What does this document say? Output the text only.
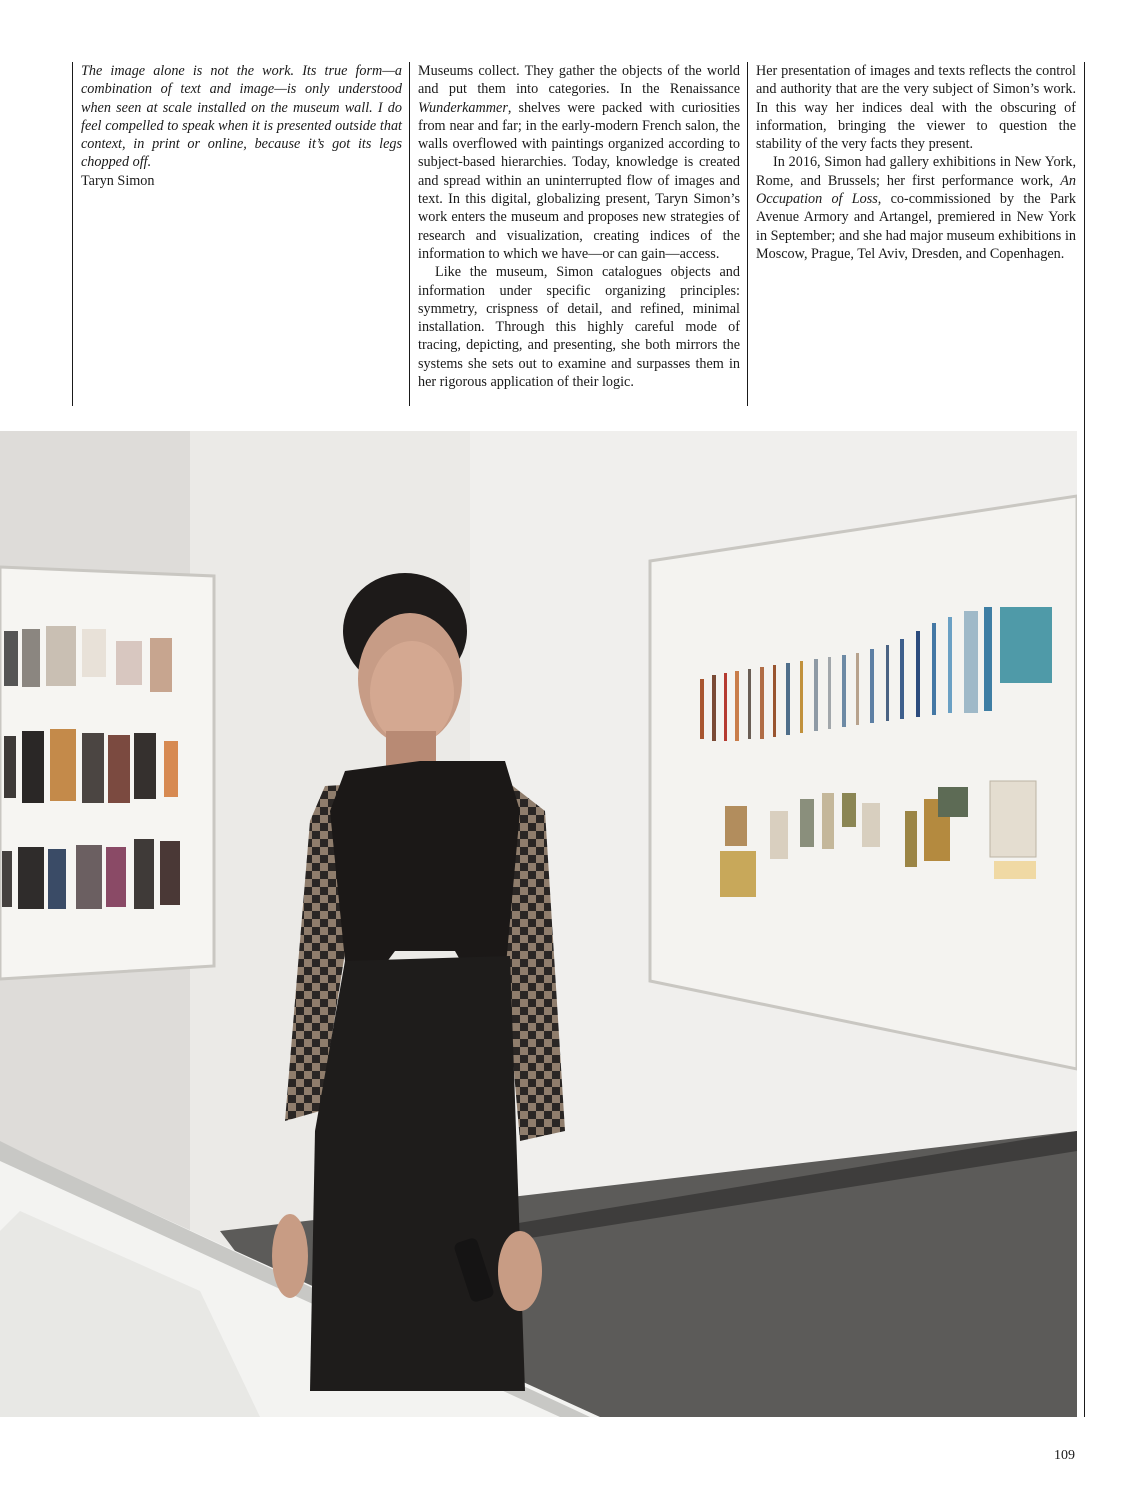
The image alone is not the work. Its true form—a combination of text and image—is only understood when seen at scale installed on the museum wall. I do feel compelled to speak when it is presented outside that context, in print or online, because it’s got its legs chopped off.

Taryn Simon

Museums collect. They gather the objects of the world and put them into categories. In the Renaissance Wunderkammer, shelves were packed with curiosities from near and far; in the early-modern French salon, the walls overflowed with paintings organized according to subject-based hierarchies. Today, knowledge is created and spread within an uninterrupted flow of images and text. In this digital, globalizing present, Taryn Simon’s work enters the museum and proposes new strategies of research and visualization, creating indices of the information to which we have—or can gain—access.

Like the museum, Simon catalogues objects and information under specific organizing principles: symmetry, crispness of detail, and refined, minimal installation. Through this highly careful mode of tracing, depicting, and presenting, she both mirrors the systems she sets out to examine and surpasses them in her rigorous application of their logic.

Her presentation of images and texts reflects the control and authority that are the very subject of Simon’s work. In this way her indices deal with the obscuring of information, bringing the viewer to question the stability of the very facts they present.

In 2016, Simon had gallery exhibitions in New York, Rome, and Brussels; her first performance work, An Occupation of Loss, co-commissioned by the Park Avenue Armory and Artangel, premiered in New York in September; and she had major museum exhibitions in Moscow, Prague, Tel Aviv, Dresden, and Copenhagen.

109
